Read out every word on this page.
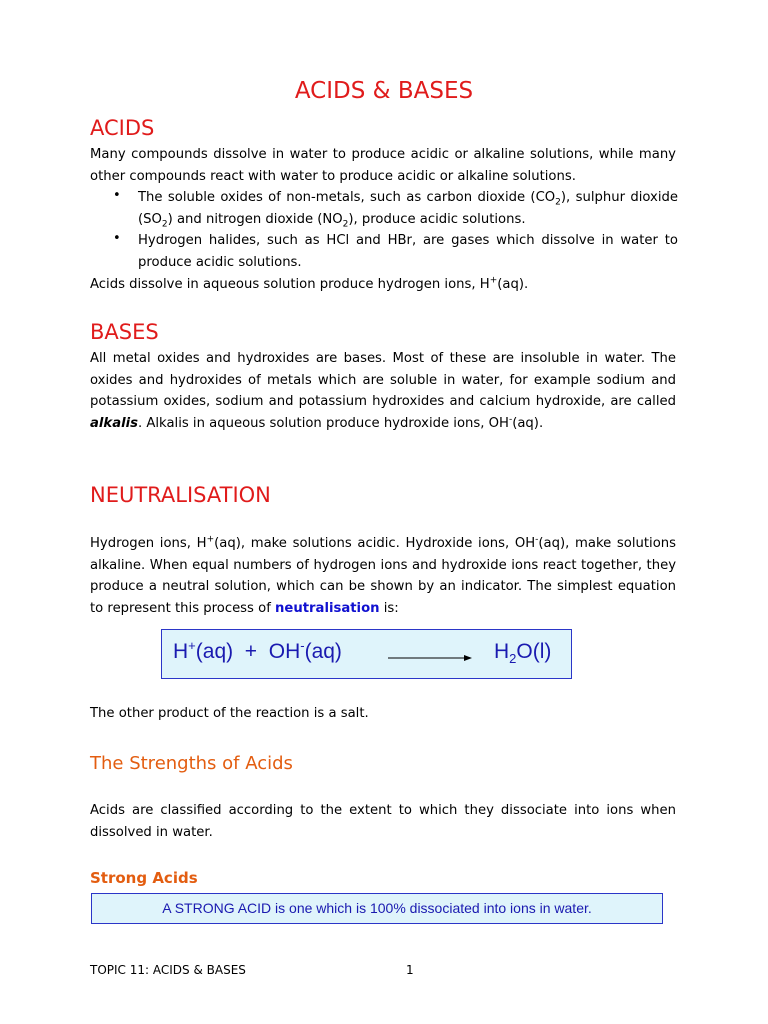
ACIDS & BASES
ACIDS
Many compounds dissolve in water to produce acidic or alkaline solutions, while many other compounds react with water to produce acidic or alkaline solutions.
• The soluble oxides of non-metals, such as carbon dioxide $(CO_2)$, sulphur dioxide $(SO_2)$ and nitrogen dioxide $(NO_2)$, produce acidic solutions.
• Hydrogen halides, such as HCl and HBr, are gases which dissolve in water to produce acidic solutions.
Acids dissolve in aqueous solution produce hydrogen ions, H+(aq).
BASES
All metal oxides and hydroxides are bases. Most of these are insoluble in water. The oxides and hydroxides of metals which are soluble in water, for example sodium and potassium oxides, sodium and potassium hydroxides and calcium hydroxide, are called alkalis. Alkalis in aqueous solution produce hydroxide ions, OH-(aq).
NEUTRALISATION
Hydrogen ions, H+(aq), make solutions acidic. Hydroxide ions, OH-(aq), make solutions alkaline. When equal numbers of hydrogen ions and hydroxide ions react together, they produce a neutral solution, which can be shown by an indicator. The simplest equation to represent this process of neutralisation is:
$H^+(aq) + OH^-(aq) \to H_2O(l)$
The other product of the reaction is a salt.
The Strengths of Acids
Acids are classified according to the extent to which they dissociate into ions when dissolved in water.
Strong Acids
A STRONG ACID is one which is 100% dissociated into ions in water.
TOPIC 11: ACIDS & BASES	1
